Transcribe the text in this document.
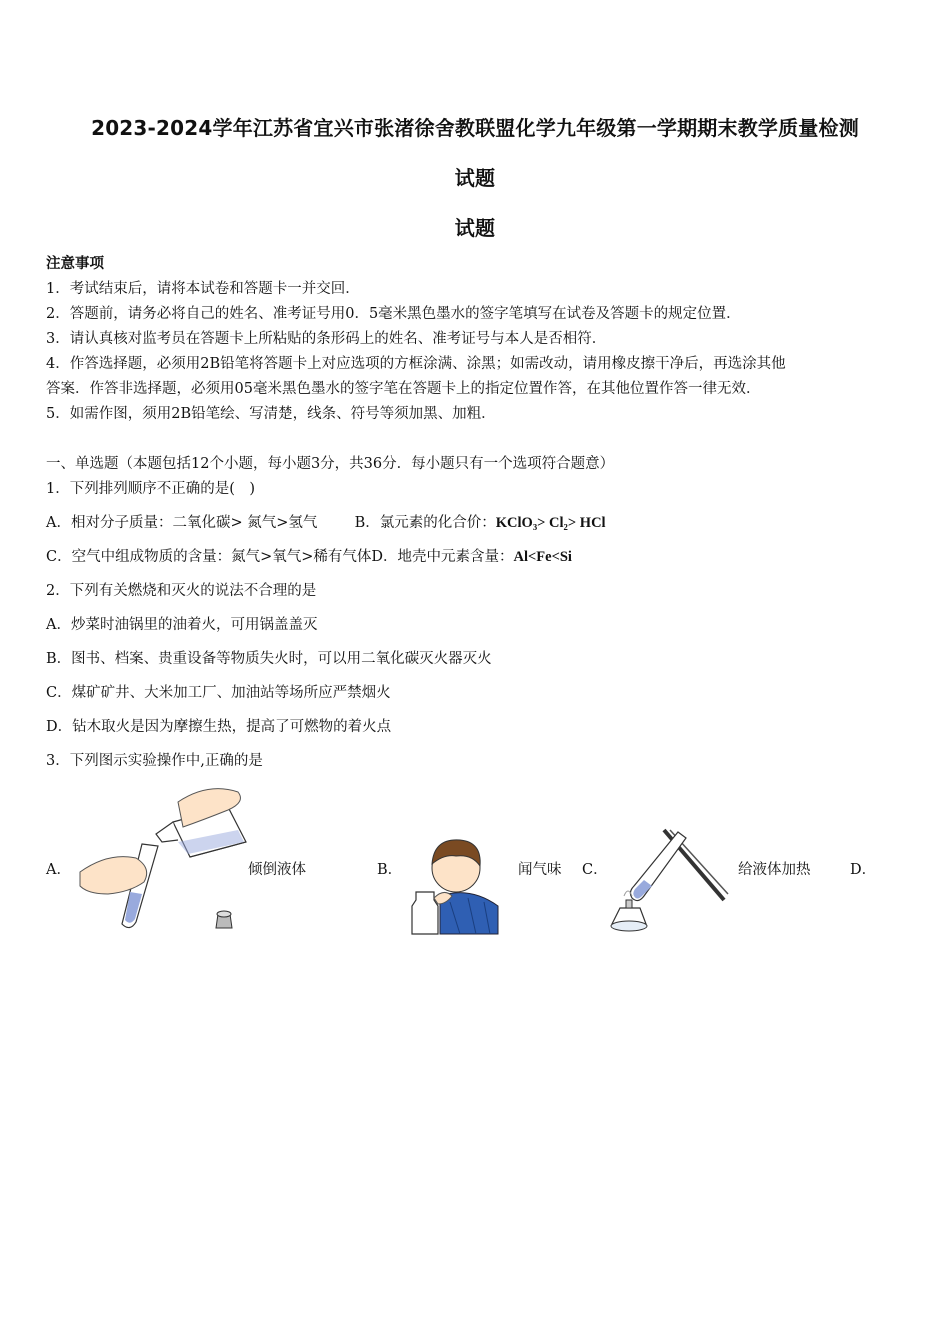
2023-2024学年江苏省宜兴市张渚徐舍教联盟化学九年级第一学期期末教学质量检测
试题
试题
注意事项
1．考试结束后，请将本试卷和答题卡一并交回．
2．答题前，请务必将自己的姓名、准考证号用0．5毫米黑色墨水的签字笔填写在试卷及答题卡的规定位置．
3．请认真核对监考员在答题卡上所粘贴的条形码上的姓名、准考证号与本人是否相符．
4．作答选择题，必须用2B铅笔将答题卡上对应选项的方框涂满、涂黑；如需改动，请用橡皮擦干净后，再选涂其他
答案．作答非选择题，必须用05毫米黑色墨水的签字笔在答题卡上的指定位置作答，在其他位置作答一律无效．
5．如需作图，须用2B铅笔绘、写清楚，线条、符号等须加黑、加粗．
一、单选题（本题包括12个小题，每小题3分，共36分．每小题只有一个选项符合题意）
1．下列排列顺序不正确的是(　)
A．相对分子质量：二氧化碳> 氮气>氢气	B．氯元素的化合价：KClO₃> Cl₂> HCl
C．空气中组成物质的含量：氮气>氧气>稀有气体D．地壳中元素含量：Al<Fe<Si
2．下列有关燃烧和灭火的说法不合理的是
A．炒菜时油锅里的油着火，可用锅盖盖灭
B．图书、档案、贵重设备等物质失火时，可以用二氧化碳灭火器灭火
C．煤矿矿井、大米加工厂、加油站等场所应严禁烟火
D．钻木取火是因为摩擦生热，提高了可燃物的着火点
3．下列图示实验操作中,正确的是
A．	倾倒液体	B．	闻气味 C．	给液体加热	D．
